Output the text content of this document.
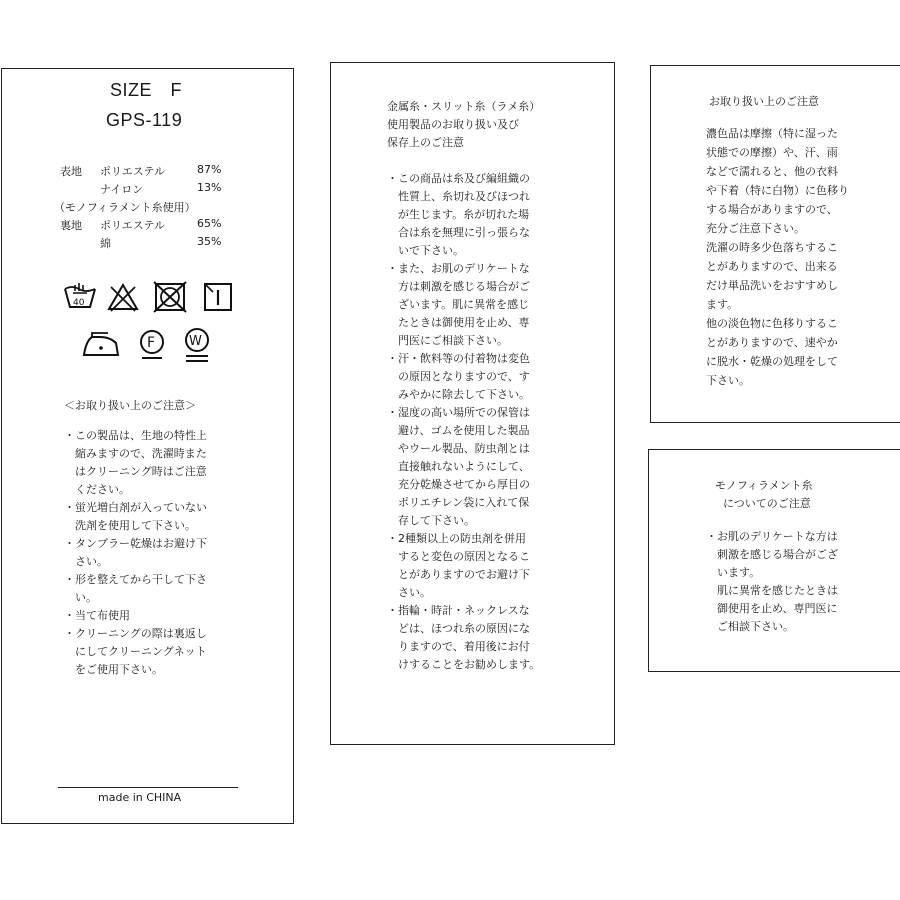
SIZE　F
GPS-119
表地 ポリエステル	87%
ナイロン	13%
（モノフィラメント糸使用）
裏地 ポリエステル	65%
綿	35%
40
F	W
＜お取り扱い上のご注意＞
・この製品は、生地の特性上
　縮みますので、洗濯時また
　はクリーニング時はご注意
　ください。
・蛍光増白剤が入っていない
　洗剤を使用して下さい。
・タンブラー乾燥はお避け下
　さい。
・形を整えてから干して下さ
　い。
・当て布使用
・クリーニングの際は裏返し
　にしてクリーニングネット
　をご使用下さい。
made in CHINA
金属糸・スリット糸（ラメ糸）
使用製品のお取り扱い及び
保存上のご注意
・この商品は糸及び編組織の
　性質上、糸切れ及びほつれ
　が生じます。糸が切れた場
　合は糸を無理に引っ張らな
　いで下さい。
・また、お肌のデリケートな
　方は刺激を感じる場合がご
　ざいます。肌に異常を感じ
　たときは御使用を止め、専
　門医にご相談下さい。
・汗・飲料等の付着物は変色
　の原因となりますので、す
　みやかに除去して下さい。
・湿度の高い場所での保管は
　避け、ゴムを使用した製品
　やウール製品、防虫剤とは
　直接触れないようにして、
　充分乾燥させてから厚目の
　ポリエチレン袋に入れて保
　存して下さい。
・2種類以上の防虫剤を併用
　すると変色の原因となるこ
　とがありますのでお避け下
　さい。
・指輪・時計・ネックレスな
　どは、ほつれ糸の原因にな
　りますので、着用後にお付
　けすることをお勧めします。
お取り扱い上のご注意
濃色品は摩擦（特に湿った
状態での摩擦）や、汗、雨
などで濡れると、他の衣料
や下着（特に白物）に色移り
する場合がありますので、
充分ご注意下さい。
洗濯の時多少色落ちするこ
とがありますので、出来る
だけ単品洗いをおすすめし
ます。
他の淡色物に色移りするこ
とがありますので、速やか
に脱水・乾燥の処理をして
下さい。
モノフィラメント糸
についてのご注意
・お肌のデリケートな方は
　刺激を感じる場合がござ
　います。
　肌に異常を感じたときは
　御使用を止め、専門医に
　ご相談下さい。
